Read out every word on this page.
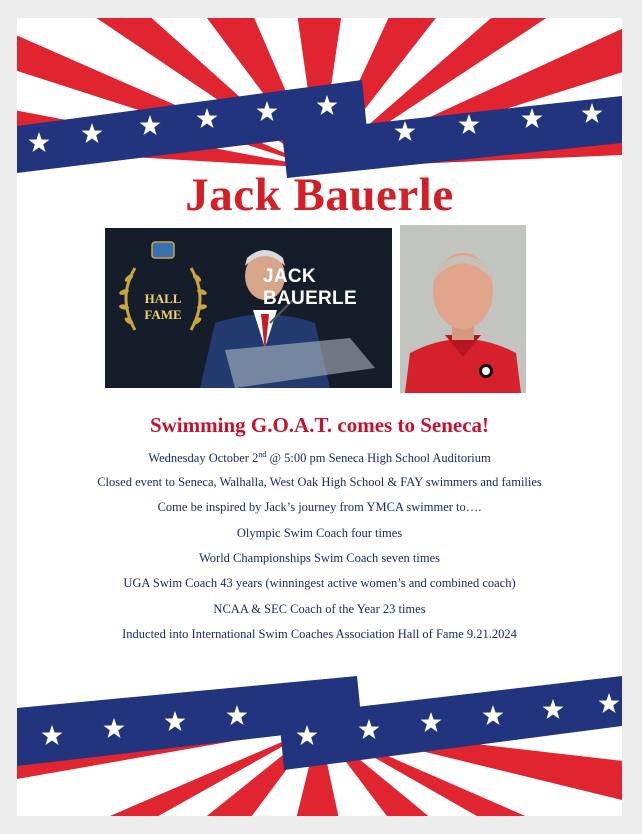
Jack Bauerle
HALL
FAME
JACK BAUERLE
Swimming G.O.A.T. comes to Seneca!
Wednesday October 2nd @ 5:00 pm Seneca High School Auditorium
Closed event to Seneca, Walhalla, West Oak High School & FAY swimmers and families
Come be inspired by Jack’s journey from YMCA swimmer to….
Olympic Swim Coach four times
World Championships Swim Coach seven times
UGA Swim Coach 43 years (winningest active women’s and combined coach)
NCAA & SEC Coach of the Year 23 times
Inducted into International Swim Coaches Association Hall of Fame 9.21.2024
